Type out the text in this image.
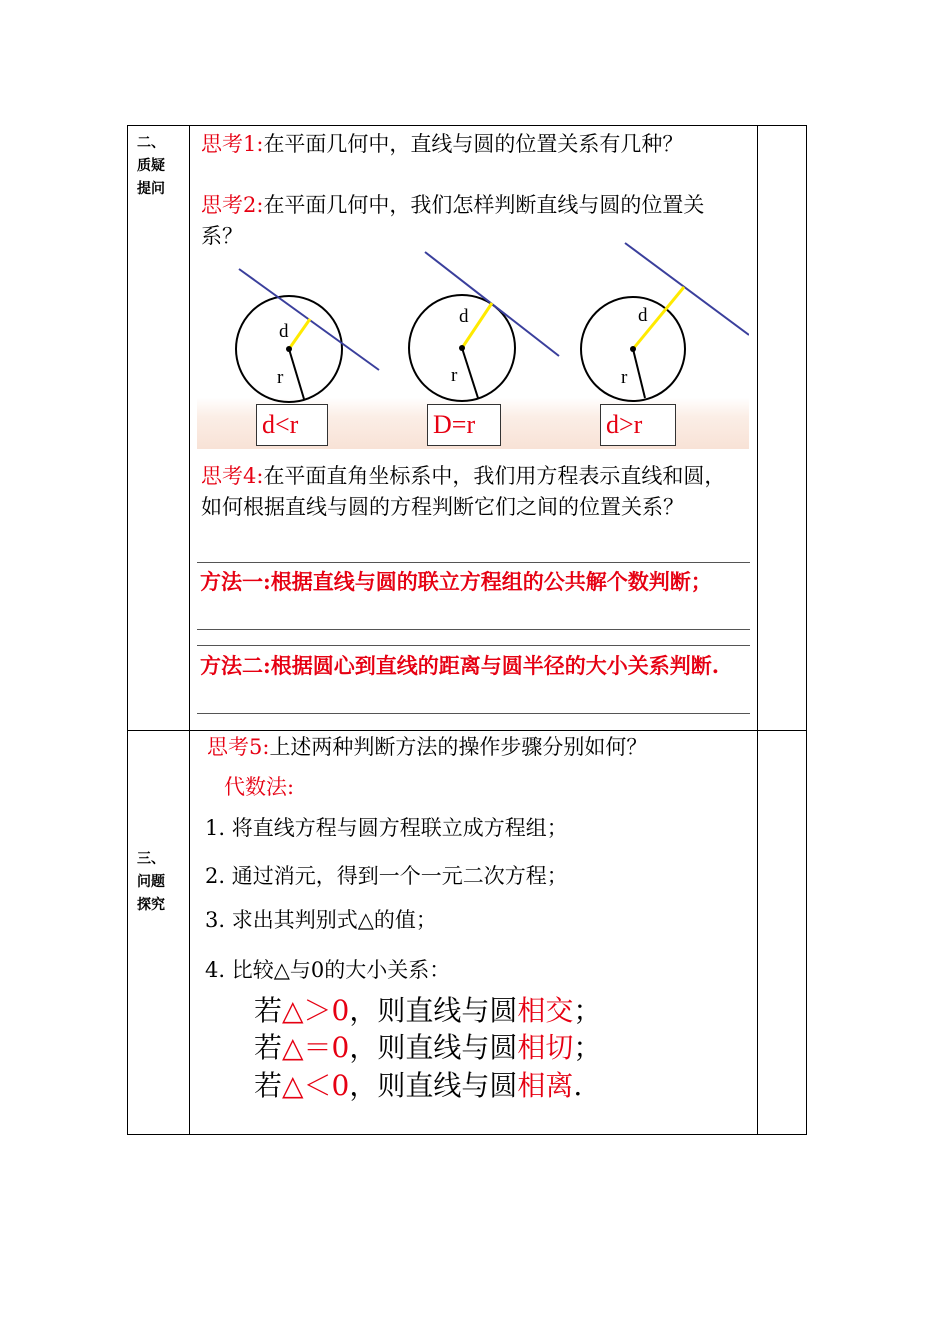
二、
质疑
提问
三、
问题
探究
思考1:在平面几何中，直线与圆的位置关系有几种？
思考2:在平面几何中，我们怎样判断直线与圆的位置关系？
d
r
d
r
d
r
d<r	D=r	d>r
思考4:在平面直角坐标系中，我们用方程表示直线和圆，如何根据直线与圆的方程判断它们之间的位置关系？
方法一:根据直线与圆的联立方程组的公共解个数判断；
方法二:根据圆心到直线的距离与圆半径的大小关系判断.
思考5:上述两种判断方法的操作步骤分别如何？
代数法:
1. 将直线方程与圆方程联立成方程组；
2. 通过消元，得到一个一元二次方程；
3. 求出其判别式△的值；
4. 比较△与0的大小关系：
若△＞0，则直线与圆相交；
若△＝0，则直线与圆相切；
若△＜0，则直线与圆相离.
